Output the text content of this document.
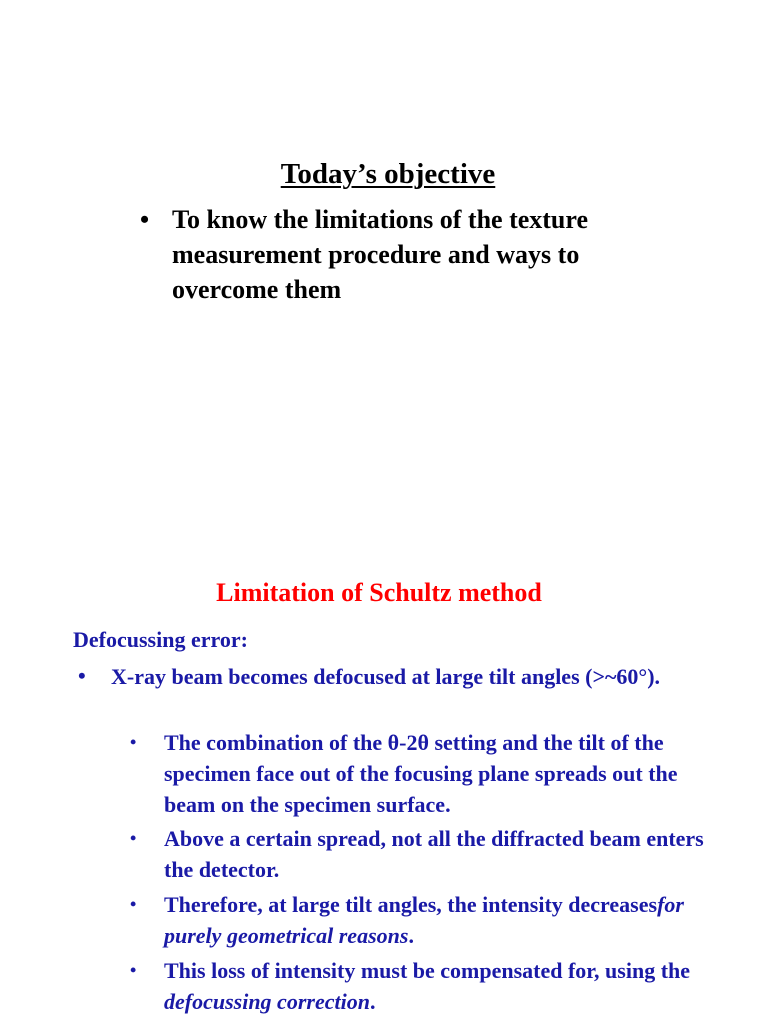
Today’s objective
• To know the limitations of the texture measurement procedure and ways to overcome them
Limitation of Schultz method
Defocussing error:
• X-ray beam becomes defocused at large tilt angles (>~60°).
• The combination of the θ-2θ setting and the tilt of the specimen face out of the focusing plane spreads out the beam on the specimen surface.
• Above a certain spread, not all the diffracted beam enters the detector.
• Therefore, at large tilt angles, the intensity decreasesfor purely geometrical reasons.
• This loss of intensity must be compensated for, using the defocussing correction.
